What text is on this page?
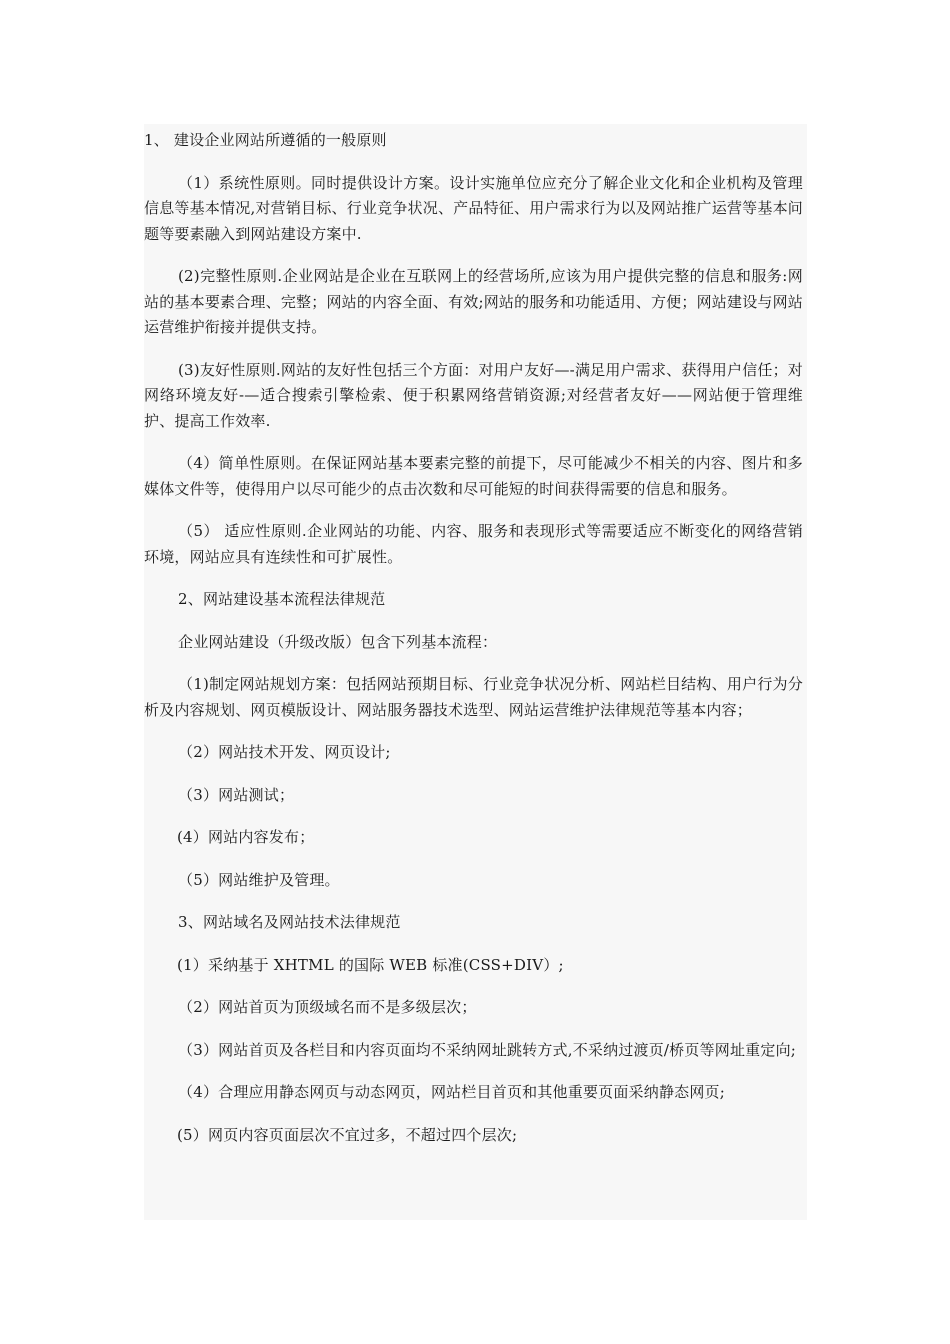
1、 建设企业网站所遵循的一般原则

（1）系统性原则。同时提供设计方案。设计实施单位应充分了解企业文化和企业机构及管理信息等基本情况,对营销目标、行业竞争状况、产品特征、用户需求行为以及网站推广运营等基本问题等要素融入到网站建设方案中.

(2)完整性原则.企业网站是企业在互联网上的经营场所,应该为用户提供完整的信息和服务:网站的基本要素合理、完整；网站的内容全面、有效;网站的服务和功能适用、方便；网站建设与网站运营维护衔接并提供支持。

(3)友好性原则.网站的友好性包括三个方面：对用户友好—-满足用户需求、获得用户信任；对网络环境友好-—适合搜索引擎检索、便于积累网络营销资源;对经营者友好——网站便于管理维护、提高工作效率.

（4）简单性原则。在保证网站基本要素完整的前提下，尽可能减少不相关的内容、图片和多媒体文件等，使得用户以尽可能少的点击次数和尽可能短的时间获得需要的信息和服务。

（5） 适应性原则.企业网站的功能、内容、服务和表现形式等需要适应不断变化的网络营销环境，网站应具有连续性和可扩展性。

2、网站建设基本流程法律规范

企业网站建设（升级改版）包含下列基本流程：

（1)制定网站规划方案：包括网站预期目标、行业竞争状况分析、网站栏目结构、用户行为分析及内容规划、网页模版设计、网站服务器技术选型、网站运营维护法律规范等基本内容；

（2）网站技术开发、网页设计;

（3）网站测试；

(4）网站内容发布；

（5）网站维护及管理。

3、网站域名及网站技术法律规范

(1）采纳基于 XHTML 的国际 WEB 标准(CSS+DIV）;

（2）网站首页为顶级域名而不是多级层次；

（3）网站首页及各栏目和内容页面均不采纳网址跳转方式,不采纳过渡页/桥页等网址重定向;

（4）合理应用静态网页与动态网页，网站栏目首页和其他重要页面采纳静态网页;

(5）网页内容页面层次不宜过多，不超过四个层次;
